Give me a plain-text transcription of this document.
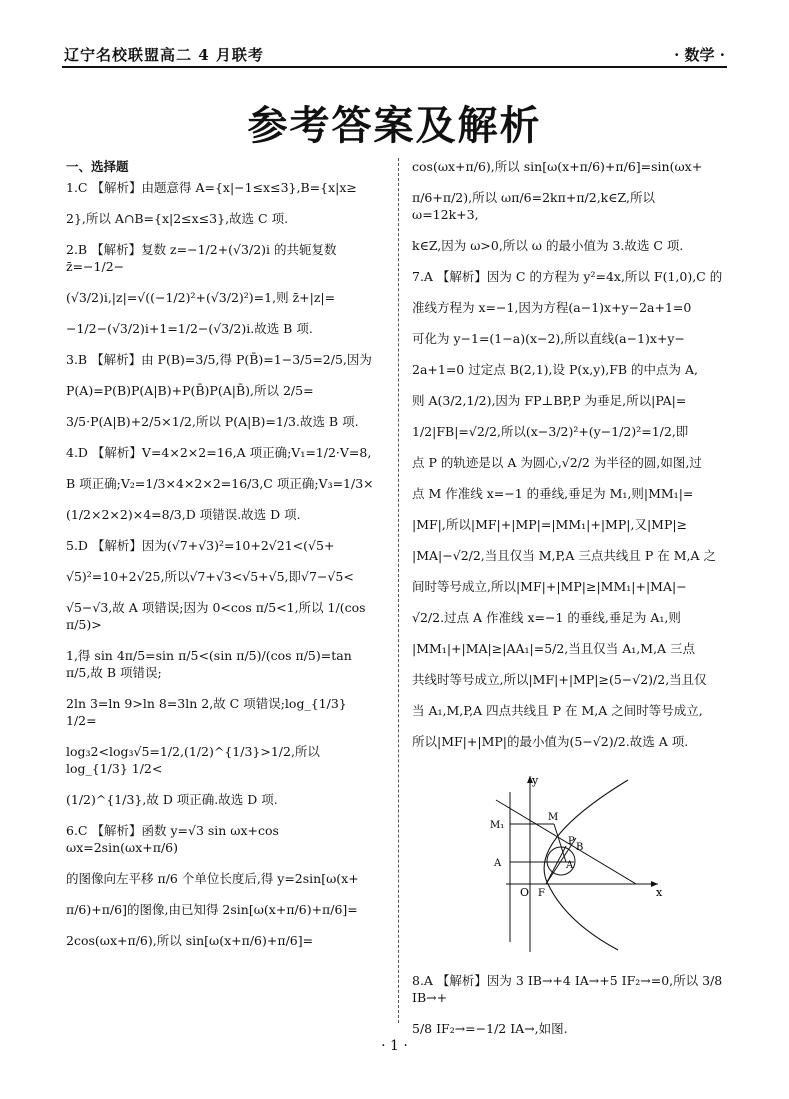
辽宁名校联盟高二 4 月联考	· 数学 ·
参考答案及解析
一、选择题
1.C 【解析】由题意得 A={x|−1≤x≤3},B={x|x≥
2},所以 A∩B={x|2≤x≤3},故选 C 项.
2.B 【解析】复数 z=−1/2+(√3/2)i 的共轭复数z̄=−1/2−
(√3/2)i,|z|=√((−1/2)²+(√3/2)²)=1,则 z̄+|z|=
−1/2−(√3/2)i+1=1/2−(√3/2)i.故选 B 项.
3.B 【解析】由 P(B)=3/5,得 P(B̄)=1−3/5=2/5,因为
P(A)=P(B)P(A|B)+P(B̄)P(A|B̄),所以 2/5=
3/5·P(A|B)+2/5×1/2,所以 P(A|B)=1/3.故选 B 项.
4.D 【解析】V=4×2×2=16,A 项正确;V₁=1/2·V=8,
B 项正确;V₂=1/3×4×2×2=16/3,C 项正确;V₃=1/3×
(1/2×2×2)×4=8/3,D 项错误.故选 D 项.
5.D 【解析】因为(√7+√3)²=10+2√21<(√5+
√5)²=10+2√25,所以√7+√3<√5+√5,即√7−√5<
√5−√3,故 A 项错误;因为 0<cos π/5<1,所以 1/(cos π/5)>
1,得 sin 4π/5=sin π/5<(sin π/5)/(cos π/5)=tan π/5,故 B 项错误;
2ln 3=ln 9>ln 8=3ln 2,故 C 项错误;log_{1/3} 1/2=
log₃2<log₃√5=1/2,(1/2)^{1/3}>1/2,所以 log_{1/3} 1/2<
(1/2)^{1/3},故 D 项正确.故选 D 项.
6.C 【解析】函数 y=√3 sin ωx+cos ωx=2sin(ωx+π/6)
的图像向左平移 π/6 个单位长度后,得 y=2sin[ω(x+
π/6)+π/6]的图像,由已知得 2sin[ω(x+π/6)+π/6]=
2cos(ωx+π/6),所以 sin[ω(x+π/6)+π/6]=
cos(ωx+π/6),所以 sin[ω(x+π/6)+π/6]=sin(ωx+
π/6+π/2),所以 ωπ/6=2kπ+π/2,k∈Z,所以 ω=12k+3,
k∈Z,因为 ω>0,所以 ω 的最小值为 3.故选 C 项.
7.A 【解析】因为 C 的方程为 y²=4x,所以 F(1,0),C 的
准线方程为 x=−1,因为方程(a−1)x+y−2a+1=0
可化为 y−1=(1−a)(x−2),所以直线(a−1)x+y−
2a+1=0 过定点 B(2,1),设 P(x,y),FB 的中点为 A,
则 A(3/2,1/2),因为 FP⊥BP,P 为垂足,所以|PA|=
1/2|FB|=√2/2,所以(x−3/2)²+(y−1/2)²=1/2,即
点 P 的轨迹是以 A 为圆心,√2/2 为半径的圆,如图,过
点 M 作准线 x=−1 的垂线,垂足为 M₁,则|MM₁|=
|MF|,所以|MF|+|MP|=|MM₁|+|MP|,又|MP|≥
|MA|−√2/2,当且仅当 M,P,A 三点共线且 P 在 M,A 之
间时等号成立,所以|MF|+|MP|≥|MM₁|+|MA|−
√2/2.过点 A 作准线 x=−1 的垂线,垂足为 A₁,则
|MM₁|+|MA|≥|AA₁|=5/2,当且仅当 A₁,M,A 三点
共线时等号成立,所以|MF|+|MP|≥(5−√2)/2,当且仅
当 A₁,M,P,A 四点共线且 P 在 M,A 之间时等号成立,
所以|MF|+|MP|的最小值为(5−√2)/2.故选 A 项.
y
x
O
M₁
A
M
P
B
A
F
8.A 【解析】因为 3 IB→+4 IA→+5 IF₂→=0,所以 3/8 IB→+
5/8 IF₂→=−1/2 IA→,如图.
· 1 ·
